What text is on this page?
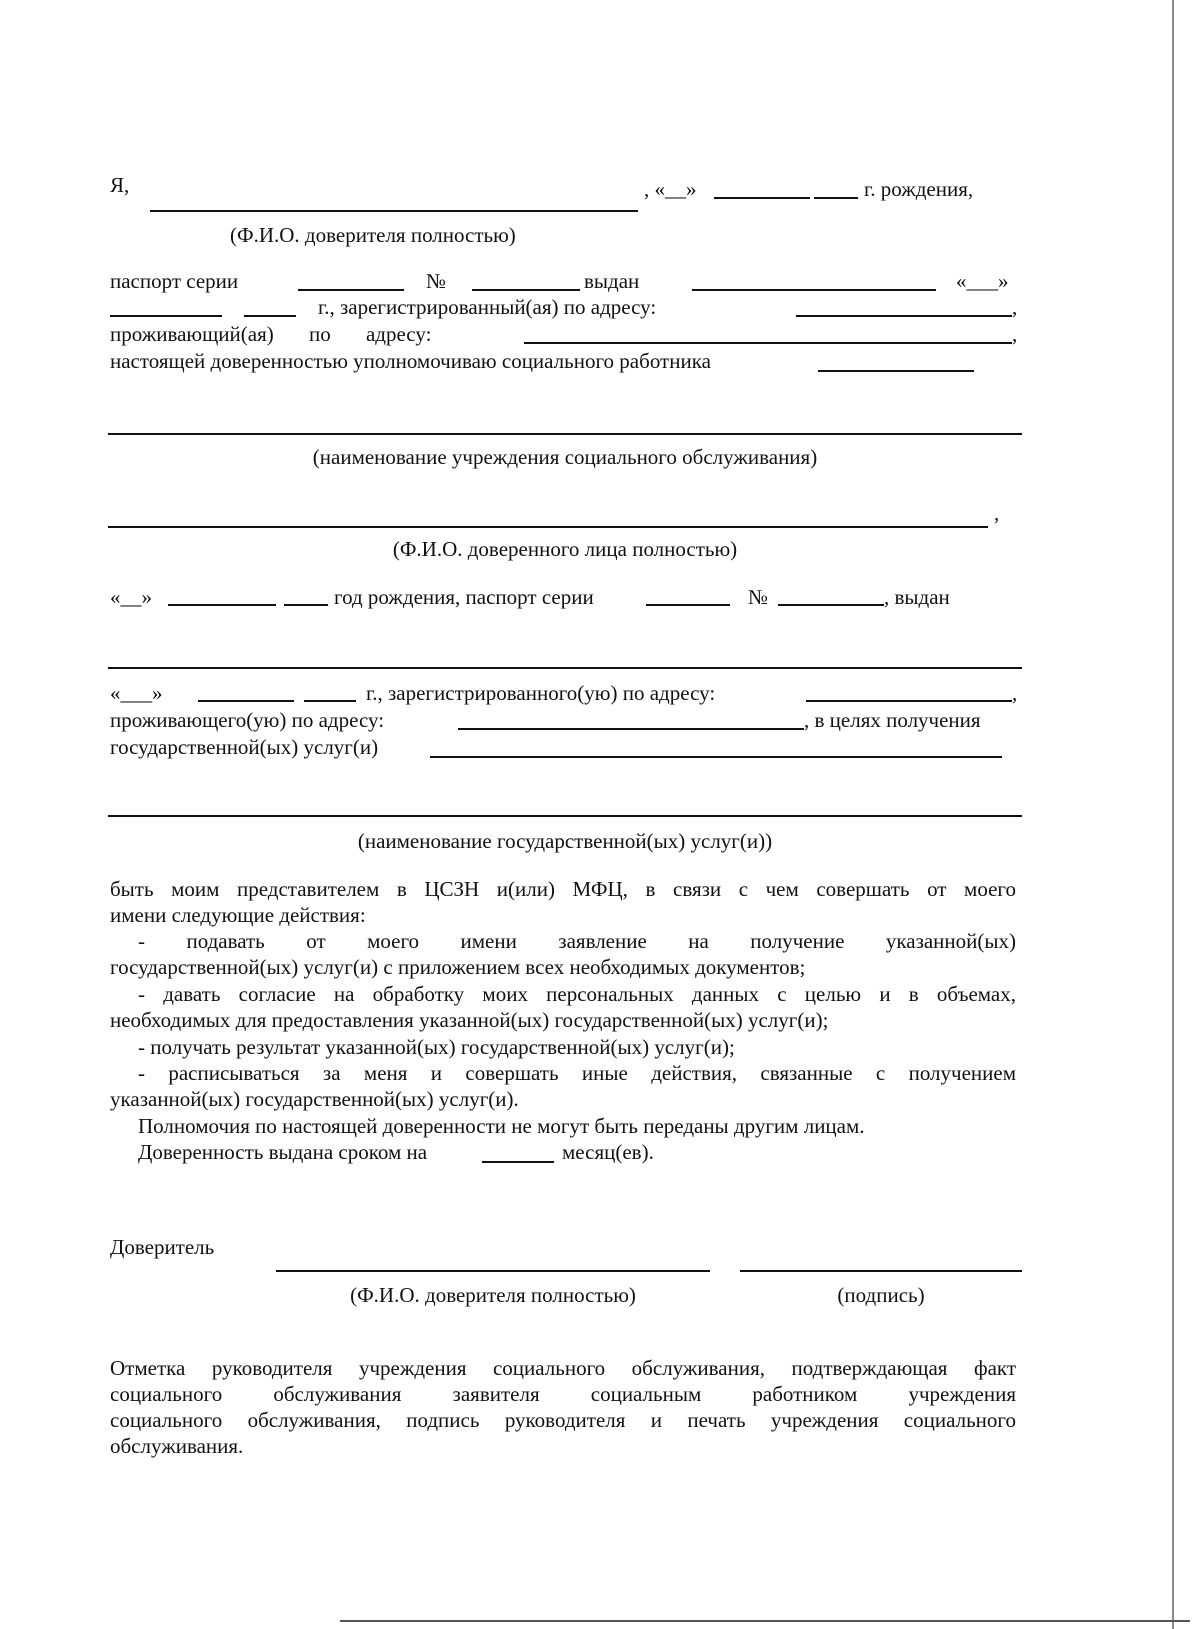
Я,	, «__»	г. рождения,
(Ф.И.О. доверителя полностью)
паспорт серии	№	выдан	«___»
г., зарегистрированный(ая) по адресу:	,
проживающий(ая) по адресу:	,
настоящей доверенностью уполномочиваю социального работника
(наименование учреждения социального обслуживания)
,
(Ф.И.О. доверенного лица полностью)
«__»	год рождения, паспорт серии	№	, выдан
«___»	г., зарегистрированного(ую) по адресу:	,
проживающего(ую) по адресу:	, в целях получения
государственной(ых) услуг(и)
(наименование государственной(ых) услуг(и))
быть моим представителем в ЦСЗН и(или) МФЦ, в связи с чем совершать от моего
имени следующие действия:
- подавать от моего имени заявление на получение указанной(ых)
государственной(ых) услуг(и) с приложением всех необходимых документов;
- давать согласие на обработку моих персональных данных с целью и в объемах,
необходимых для предоставления указанной(ых) государственной(ых) услуг(и);
- получать результат указанной(ых) государственной(ых) услуг(и);
- расписываться за меня и совершать иные действия, связанные с получением
указанной(ых) государственной(ых) услуг(и).
Полномочия по настоящей доверенности не могут быть переданы другим лицам.
Доверенность выдана сроком на	месяц(ев).
Доверитель
(Ф.И.О. доверителя полностью)	(подпись)
Отметка руководителя учреждения социального обслуживания, подтверждающая факт
социального обслуживания заявителя социальным работником учреждения
социального обслуживания, подпись руководителя и печать учреждения социального
обслуживания.
